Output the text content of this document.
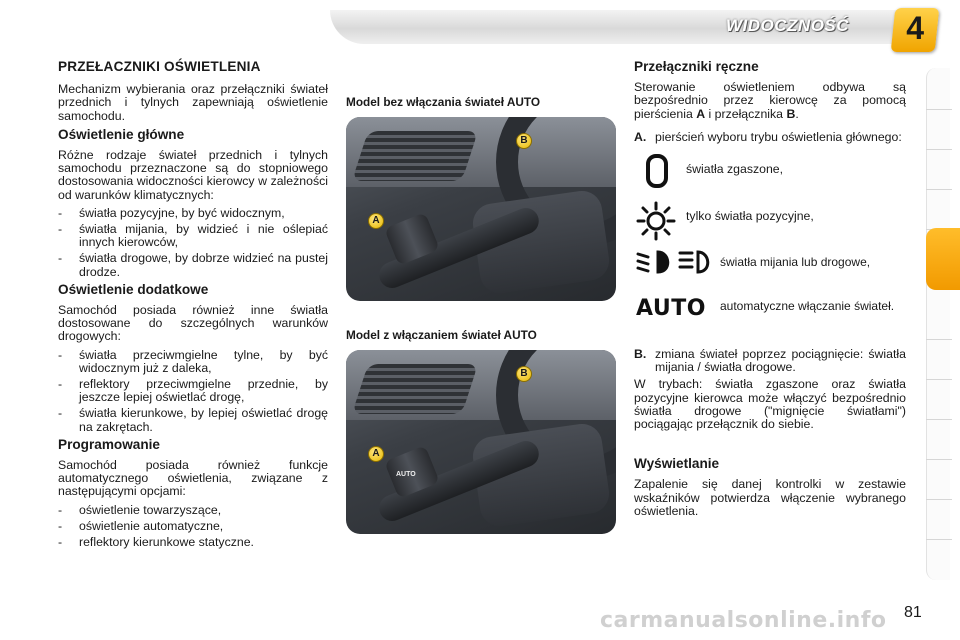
WIDOCZNOŚĆ	4
PRZEŁACZNIKI OŚWIETLENIA

Mechanizm wybierania oraz przełączniki świateł przednich i tylnych zapewniają oświetlenie samochodu.

Oświetlenie główne

Różne rodzaje świateł przednich i tylnych samochodu przeznaczone są do stopniowego dostosowania widoczności kierowcy w zależności od warunków klimatycznych:

- światła pozycyjne, by być widocznym,
- światła mijania, by widzieć i nie oślepiać innych kierowców,
- światła drogowe, by dobrze widzieć na pustej drodze.
Oświetlenie dodatkowe

Samochód posiada również inne światła dostosowane do szczególnych warunków drogowych:

- światła przeciwmgielne tylne, by być widocznym już z daleka,
- reflektory przeciwmgielne przednie, by jeszcze lepiej oświetlać drogę,
- światła kierunkowe, by lepiej oświetlać drogę na zakrętach.
Programowanie

Samochód posiada również funkcje automatycznego oświetlenia, związane z następującymi opcjami:

- oświetlenie towarzyszące,
- oświetlenie automatyczne,
- reflektory kierunkowe statyczne.
Model bez włączania świateł AUTO
A
B
Model z włączaniem świateł AUTO
AUTO
A
B
Przełączniki ręczne

Sterowanie oświetleniem odbywa są bezpośrednio przez kierowcę za pomocą pierścienia A i przełącznika B.

A. pierścień wyboru trybu oświetlenia głównego:
światła zgaszone,
tylko światła pozycyjne,
światła mijania lub drogowe,
AUTO automatyczne włączanie świateł.
B. zmiana świateł poprzez pociągnięcie: światła mijania / światła drogowe.

W trybach: światła zgaszone oraz światła pozycyjne kierowca może włączyć bezpośrednio światła drogowe ("mignięcie światłami") pociągając przełącznik do siebie.

Wyświetlanie

Zapalenie się danej kontrolki w zestawie wskaźników potwierdza włączenie wybranego oświetlenia.

carmanualsonline.info 81
